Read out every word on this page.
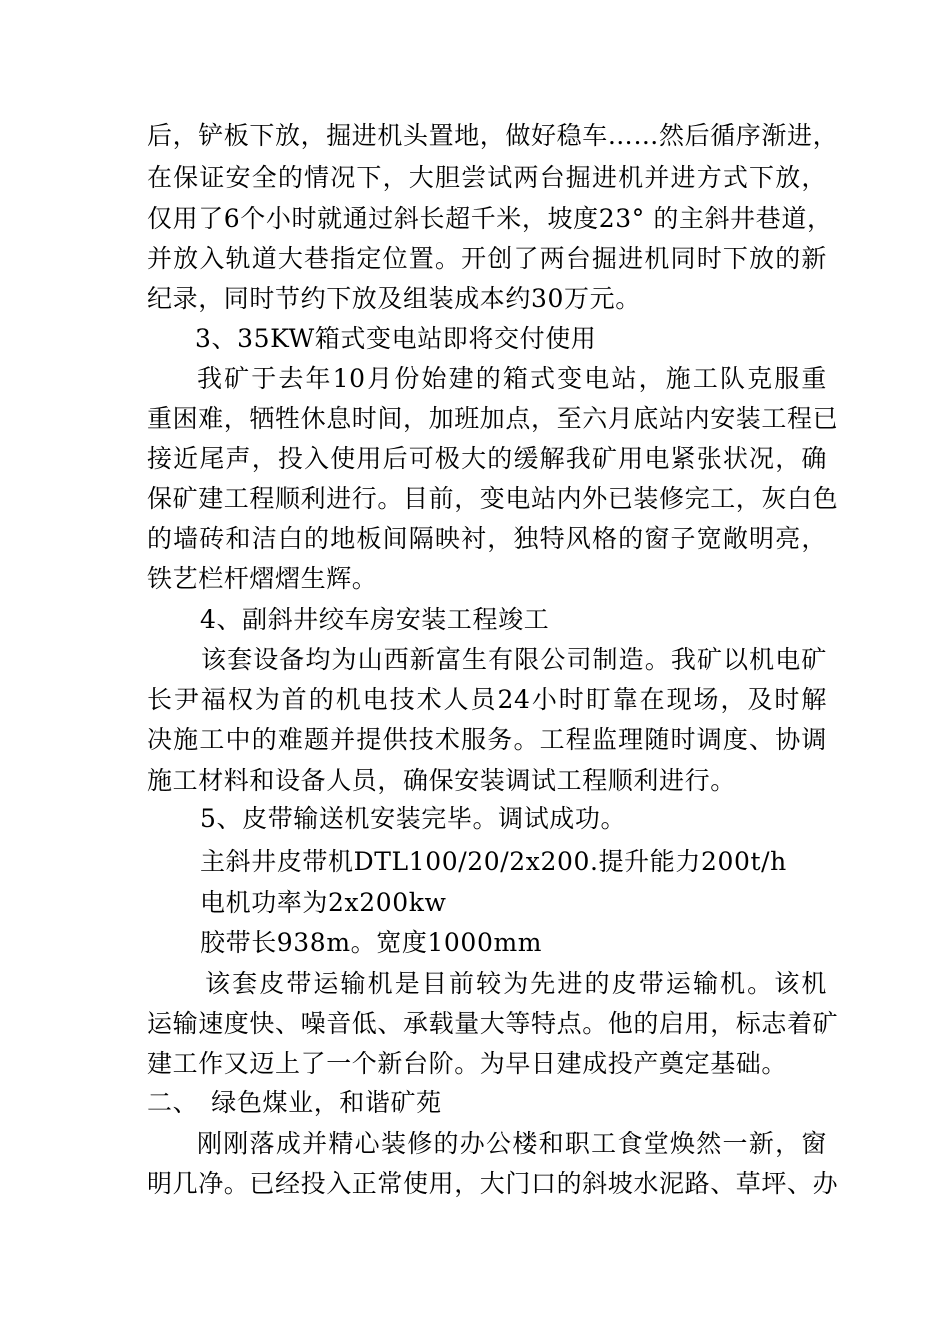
后，铲板下放，掘进机头置地，做好稳车……然后循序渐进，
在保证安全的情况下，大胆尝试两台掘进机并进方式下放，
仅用了6个小时就通过斜长超千米，坡度23° 的主斜井巷道，
并放入轨道大巷指定位置。开创了两台掘进机同时下放的新
纪录，同时节约下放及组装成本约30万元。
3、35KW箱式变电站即将交付使用
我矿于去年10月份始建的箱式变电站，施工队克服重
重困难，牺牲休息时间，加班加点，至六月底站内安装工程已
接近尾声，投入使用后可极大的缓解我矿用电紧张状况，确
保矿建工程顺利进行。目前，变电站内外已装修完工，灰白色
的墙砖和洁白的地板间隔映衬，独特风格的窗子宽敞明亮，
铁艺栏杆熠熠生辉。
4、副斜井绞车房安装工程竣工
该套设备均为山西新富生有限公司制造。我矿以机电矿
长尹福权为首的机电技术人员24小时盯靠在现场，及时解
决施工中的难题并提供技术服务。工程监理随时调度、协调
施工材料和设备人员，确保安装调试工程顺利进行。
5、皮带输送机安装完毕。调试成功。
主斜井皮带机DTL100/20/2x200.提升能力200t/h
电机功率为2x200kw
胶带长938m。宽度1000mm
该套皮带运输机是目前较为先进的皮带运输机。该机
运输速度快、噪音低、承载量大等特点。他的启用，标志着矿
建工作又迈上了一个新台阶。为早日建成投产奠定基础。
二、　绿色煤业，和谐矿苑
刚刚落成并精心装修的办公楼和职工食堂焕然一新，窗
明几净。已经投入正常使用，大门口的斜坡水泥路、草坪、办
